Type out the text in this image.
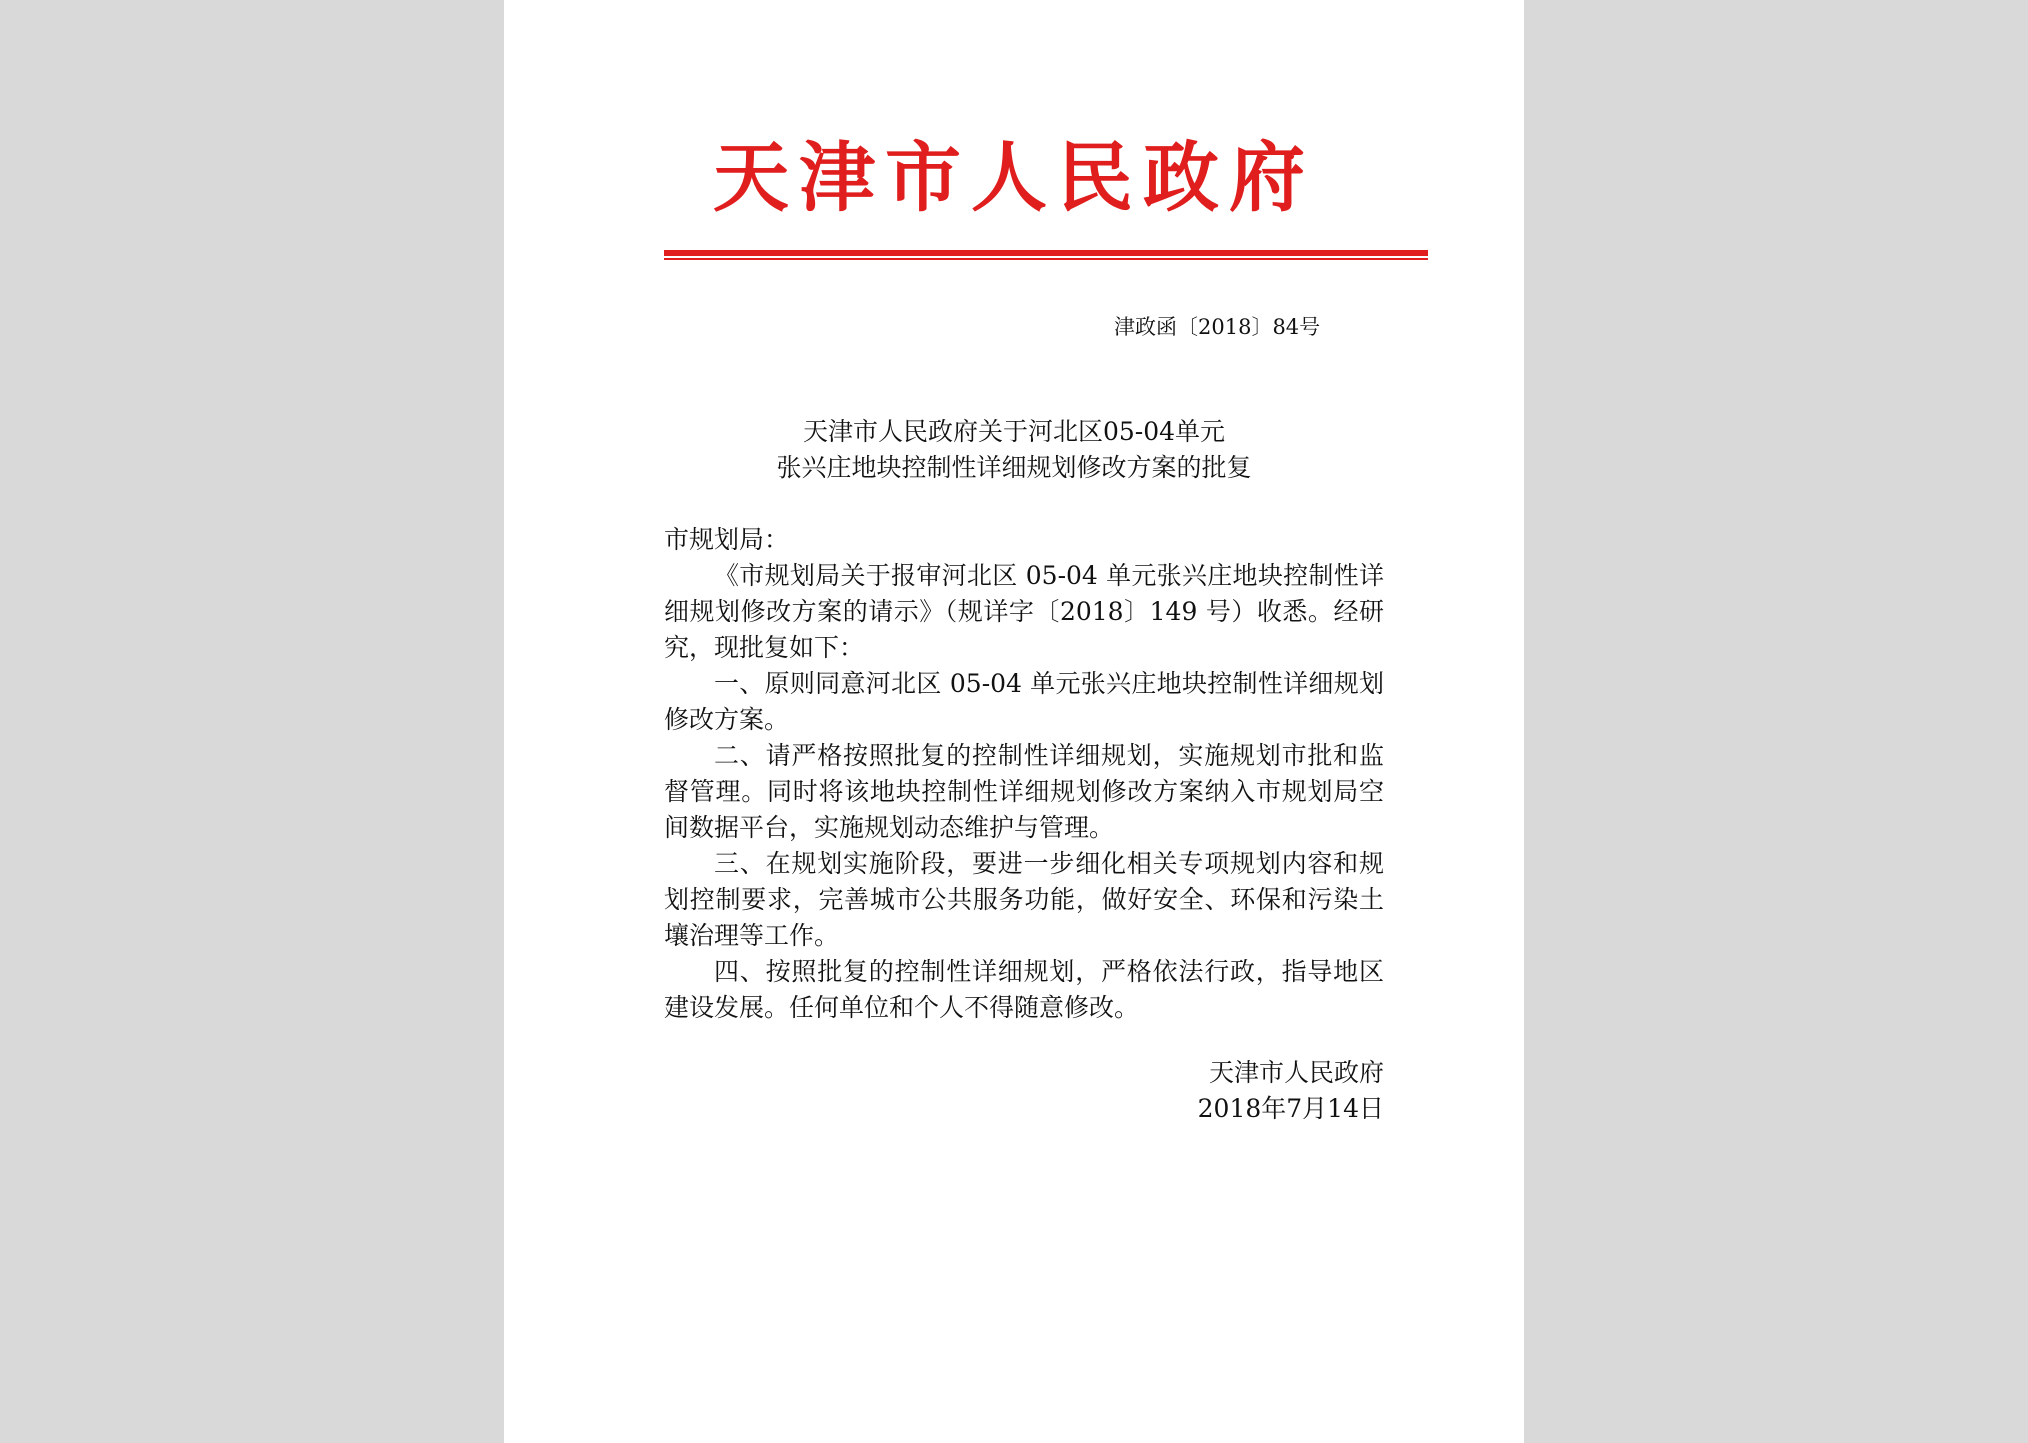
天津市人民政府
津政函〔2018〕84号
天津市人民政府关于河北区05-04单元
张兴庄地块控制性详细规划修改方案的批复

市规划局：

《市规划局关于报审河北区 05-04 单元张兴庄地块控制性详细规划修改方案的请示》（规详字〔2018〕149 号）收悉。经研究，现批复如下：

一、原则同意河北区 05-04 单元张兴庄地块控制性详细规划修改方案。

二、请严格按照批复的控制性详细规划，实施规划市批和监督管理。同时将该地块控制性详细规划修改方案纳入市规划局空间数据平台，实施规划动态维护与管理。

三、在规划实施阶段，要进一步细化相关专项规划内容和规划控制要求，完善城市公共服务功能，做好安全、环保和污染土壤治理等工作。

四、按照批复的控制性详细规划，严格依法行政，指导地区建设发展。任何单位和个人不得随意修改。

天津市人民政府
2018年7月14日
